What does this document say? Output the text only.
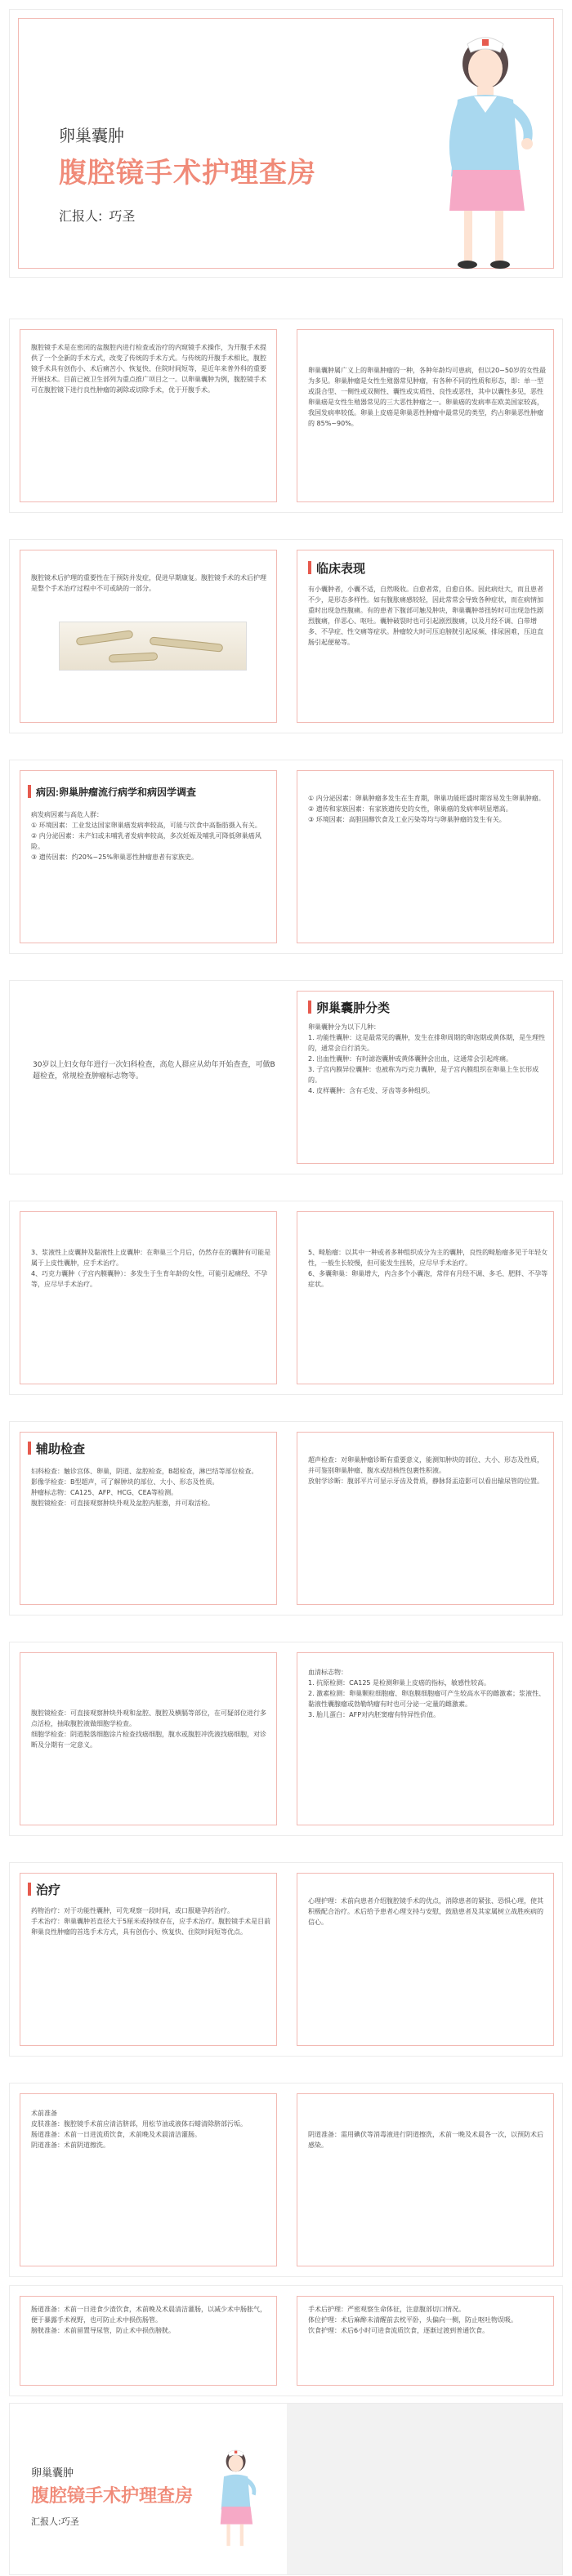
卵巢囊肿
腹腔镜手术护理查房
汇报人: 巧圣
腹腔镜手术是在密闭的盆腹腔内进行检查或治疗的内窥镜手术操作，为开腹手术提供了一个全新的手术方式，改变了传统的手术方式。与传统的开腹手术相比，腹腔镜手术具有创伤小、术后痛苦小、恢复快、住院时间短等，是近年来普外科的重要开展技术。目前已被卫生部列为重点推广项目之一。以卵巢囊肿为例，腹腔镜手术可在腹腔镜下进行良性肿瘤的剥除或切除手术，优于开腹手术。
卵巢囊肿属广义上的卵巢肿瘤的一种，各种年龄均可患病，但以20~50岁的女性最为多见。卵巢肿瘤是女性生殖器常见肿瘤，有各种不同的性质和形态，即：单一型或混合型、一侧性或双侧性、囊性或实质性、良性或恶性，其中以囊性多见，恶性卵巢癌是女性生殖器常见的三大恶性肿瘤之一。卵巢癌的发病率在欧美国家较高，我国发病率较低。卵巢上皮癌是卵巢恶性肿瘤中最常见的类型，约占卵巢恶性肿瘤的 85%~90%。
腹腔镜术后护理的重要性在于预防并发症，促进早期康复。腹腔镜手术的术后护理是整个手术治疗过程中不可或缺的一部分。
临床表现
有小囊肿者，小囊不适，自然吸收。自愈者常，自愈自体。因此病灶大，而且患者不少，是形态多样性。如有腹胀痛感较轻，因此常常会导致各种症状，而在病情加重时出现急性腹痛。有的患者下腹部可触及肿块，卵巢囊肿蒂扭转时可出现急性剧烈腹痛，伴恶心、呕吐。囊肿破裂时也可引起剧烈腹痛，以及月经不调、白带增多、不孕症、性交痛等症状。肿瘤较大时可压迫膀胱引起尿频、排尿困难，压迫直肠引起便秘等。
病因:卵巢肿瘤流行病学和病因学调查
病发病因素与高危人群：
① 环境因素：工业发达国家卵巢癌发病率较高，可能与饮食中高脂肪摄入有关。
② 内分泌因素：未产妇或未哺乳者发病率较高，多次妊娠及哺乳可降低卵巢癌风险。
③ 遗传因素：约20%~25%卵巢恶性肿瘤患者有家族史。
① 内分泌因素：卵巢肿瘤多发生在生育期，卵巢功能旺盛时期容易发生卵巢肿瘤。
② 遗传和家族因素：有家族遗传史的女性，卵巢癌的发病率明显增高。
③ 环境因素：高胆固醇饮食及工业污染等均与卵巢肿瘤的发生有关。
30岁以上妇女每年进行一次妇科检查，高危人群应从幼年开始查查，可做B超检查，常规检查肿瘤标志物等。
卵巢囊肿分类
卵巢囊肿分为以下几种：
1. 功能性囊肿：这是最常见的囊肿，发生在排卵周期的卵泡期或黄体期，是生理性的，通常会自行消失。
2. 出血性囊肿：有时滤泡囊肿或黄体囊肿会出血，这通常会引起疼痛。
3. 子宫内膜异位囊肿：也被称为巧克力囊肿，是子宫内膜组织在卵巢上生长形成的。
4. 皮样囊肿：含有毛发、牙齿等多种组织。
3、浆液性上皮囊肿及黏液性上皮囊肿：在卵巢三个月后，仍然存在的囊肿有可能是属于上皮性囊肿，应手术治疗。
4、巧克力囊肿（子宫内膜囊肿）：多发生于生育年龄的女性，可能引起痛经、不孕等，应尽早手术治疗。
5、畸胎瘤：以其中一种或者多种组织成分为主的囊肿，良性的畸胎瘤多见于年轻女性，一般生长较慢，但可能发生扭转，应尽早手术治疗。
6、多囊卵巢：卵巢增大，内含多个小囊泡，常伴有月经不调、多毛、肥胖、不孕等症状。
辅助检查
妇科检查：触诊宫体、卵巢，阴道、盆腔检查，B超检查，淋巴结等部位检查。
影像学检查：B型超声，可了解肿块的部位、大小、形态及性质。
肿瘤标志物：CA125、AFP、HCG、CEA等检测。
腹腔镜检查：可直接观察肿块外观及盆腔内脏器，并可取活检。
超声检查：对卵巢肿瘤诊断有重要意义，能测知肿块的部位、大小、形态及性质，并可鉴别卵巢肿瘤、腹水或结核性包裹性积液。
放射学诊断：腹部平片可显示牙齿及骨质，静脉肾盂造影可以看出输尿管的位置。
腹腔镜检查：可直接观察肿块外观和盆腔、腹腔及横膈等部位，在可疑部位进行多点活检，抽取腹腔液做细胞学检查。
细胞学检查：阴道脱落细胞涂片检查找癌细胞，腹水或腹腔冲洗液找癌细胞，对诊断及分期有一定意义。
血清标志物：
1. 抗原检测：CA125 是检测卵巢上皮癌的指标，敏感性较高。
2. 激素检测：卵巢颗粒细胞瘤、卵泡膜细胞瘤可产生较高水平的雌激素；浆液性、黏液性囊腺瘤或勃勒纳瘤有时也可分泌一定量的雌激素。
3. 胎儿蛋白：AFP对内胚窦瘤有特异性价值。
治疗
药物治疗：对于功能性囊肿，可先观察一段时间，或口服避孕药治疗。
手术治疗：卵巢囊肿若直径大于5厘米或持续存在，应手术治疗。腹腔镜手术是目前卵巢良性肿瘤的首选手术方式，具有创伤小、恢复快、住院时间短等优点。
心理护理：术前向患者介绍腹腔镜手术的优点，消除患者的紧张、恐惧心理，使其积极配合治疗。术后给予患者心理支持与安慰，鼓励患者及其家属树立战胜疾病的信心。
术前准备
皮肤准备：腹腔镜手术前应清洁脐部，用松节油或液体石蜡清除脐部污垢。
肠道准备：术前一日进流质饮食，术前晚及术晨清洁灌肠。
阴道准备：术前阴道擦洗。
阴道准备：需用碘伏等消毒液进行阴道擦洗，术前一晚及术晨各一次，以预防术后感染。
肠道准备：术前一日进食少渣饮食，术前晚及术晨清洁灌肠，以减少术中肠胀气，便于暴露手术视野，也可防止术中损伤肠管。
膀胱准备：术前留置导尿管，防止术中损伤膀胱。
手术后护理：严密观察生命体征，注意腹部切口情况。
体位护理：术后麻醉未清醒前去枕平卧，头偏向一侧，防止呕吐物误吸。
饮食护理：术后6小时可进食流质饮食，逐渐过渡到普通饮食。
卵巢囊肿
腹腔镜手术护理查房
汇报人:巧圣
